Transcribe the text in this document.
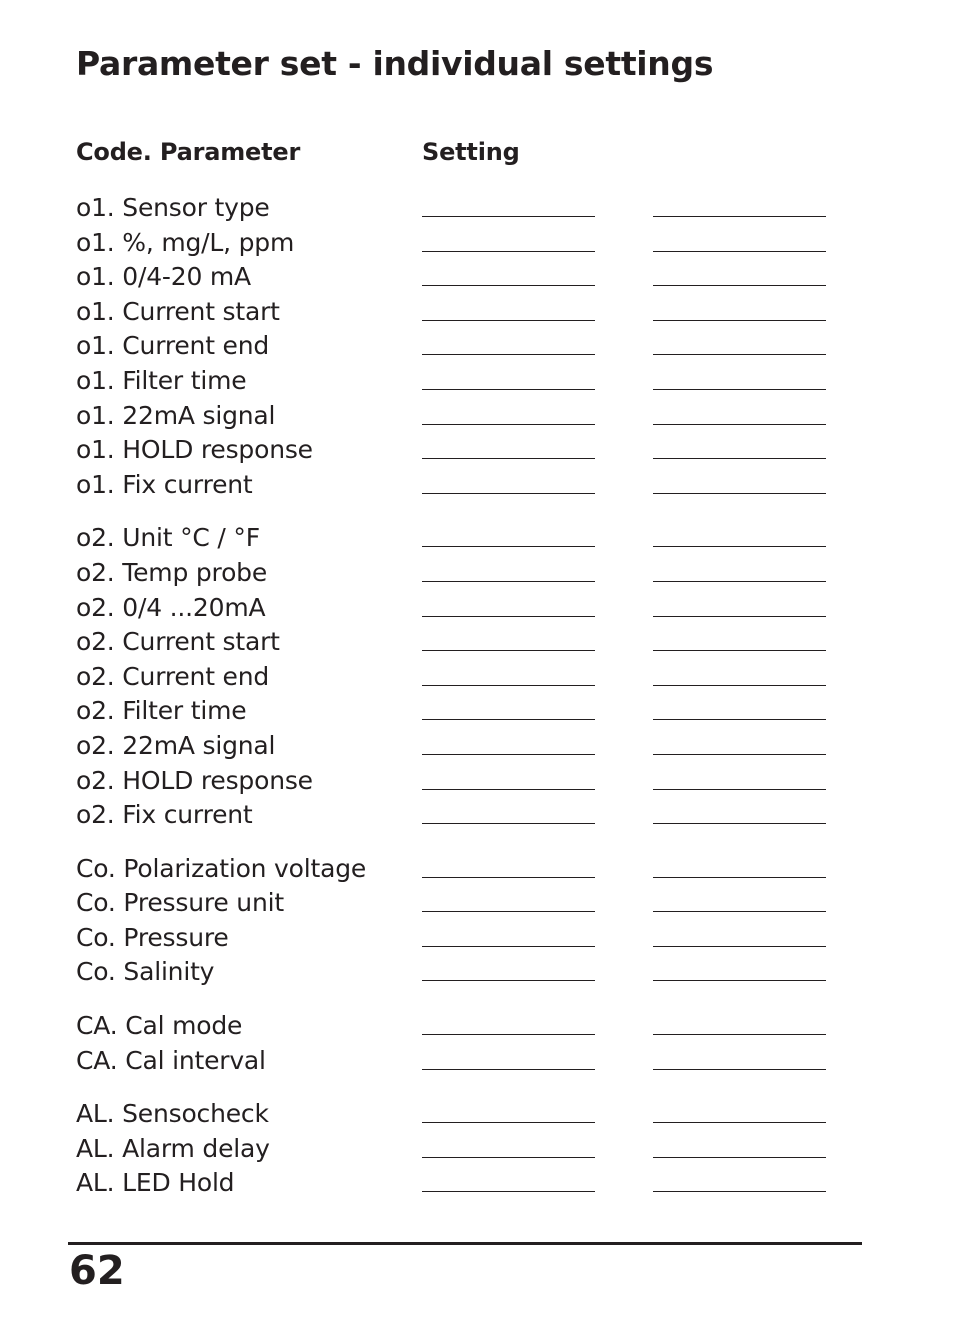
Parameter set - individual settings
Code. Parameter	Setting
o1. Sensor type
o1. %, mg/L, ppm
o1. 0/4-20 mA
o1. Current start
o1. Current end
o1. Filter time
o1. 22mA signal
o1. HOLD response
o1. Fix current
o2. Unit °C / °F
o2. Temp probe
o2. 0/4 ...20mA
o2. Current start
o2. Current end
o2. Filter time
o2. 22mA signal
o2. HOLD response
o2. Fix current
Co. Polarization voltage
Co. Pressure unit
Co. Pressure
Co. Salinity
CA. Cal mode
CA. Cal interval
AL. Sensocheck
AL. Alarm delay
AL. LED Hold
62
